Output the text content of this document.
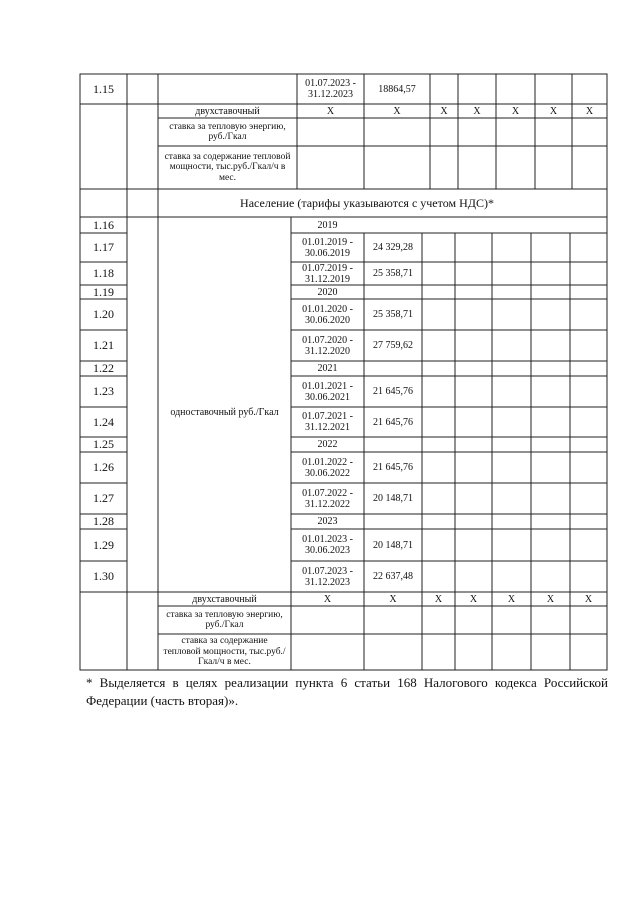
1.15	01.07.2023 - 31.12.2023	18864,57
двухставочный	X	X	X	X	X	X	X
ставка за тепловую энергию, руб./Гкал
ставка за содержание тепловой мощности, тыс.руб./Гкал/ч в мес.
Население (тарифы указываются с учетом НДС)*
одноставочный руб./Гкал
1.16	2019
1.17	01.01.2019 - 30.06.2019	24 329,28
1.18	01.07.2019 - 31.12.2019	25 358,71
1.19	2020
1.20	01.01.2020 - 30.06.2020	25 358,71
1.21	01.07.2020 - 31.12.2020	27 759,62
1.22	2021
1.23	01.01.2021 - 30.06.2021	21 645,76
1.24	01.07.2021 - 31.12.2021	21 645,76
1.25	2022
1.26	01.01.2022 - 30.06.2022	21 645,76
1.27	01.07.2022 - 31.12.2022	20 148,71
1.28	2023
1.29	01.01.2023 - 30.06.2023	20 148,71
1.30	01.07.2023 - 31.12.2023	22 637,48
двухставочный	X	X	X	X	X	X	X
ставка за тепловую энергию, руб./Гкал
ставка за содержание тепловой мощности, тыс.руб./Гкал/ч в мес.
* Выделяется в целях реализации пункта 6 статьи 168 Налогового кодекса Российской Федерации (часть вторая)».
